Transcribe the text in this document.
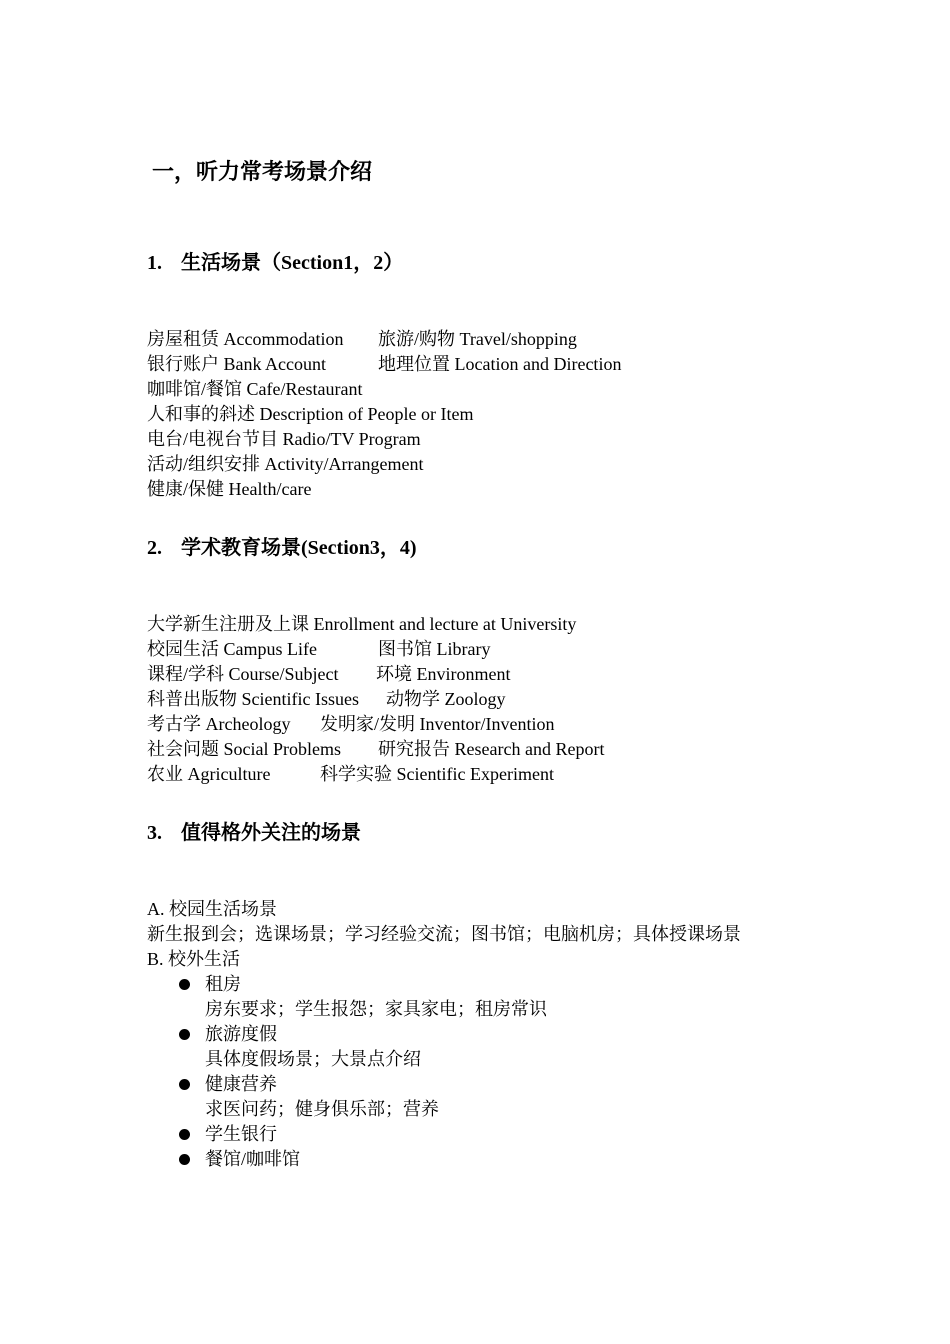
一，听力常考场景介绍
1. 生活场景（Section1，2）
房屋租赁 Accommodation 旅游/购物 Travel/shopping
银行账户 Bank Account	地理位置 Location and Direction
咖啡馆/餐馆 Cafe/Restaurant
人和事的斜述 Description of People or Item
电台/电视台节目 Radio/TV Program
活动/组织安排 Activity/Arrangement
健康/保健 Health/care
2. 学术教育场景(Section3，4)
大学新生注册及上课 Enrollment and lecture at University
校园生活 Campus Life	图书馆 Library
课程/学科 Course/Subject 环境 Environment
科普出版物 Scientific Issues 动物学 Zoology
考古学 Archeology 发明家/发明 Inventor/Invention
社会问题 Social Problems 研究报告 Research and Report
农业 Agriculture	科学实验 Scientific Experiment
3. 值得格外关注的场景
A. 校园生活场景
新生报到会；选课场景；学习经验交流；图书馆；电脑机房；具体授课场景
B. 校外生活
租房
房东要求；学生报怨；家具家电；租房常识
旅游度假
具体度假场景；大景点介绍
健康营养
求医问药；健身俱乐部；营养
学生银行
餐馆/咖啡馆
